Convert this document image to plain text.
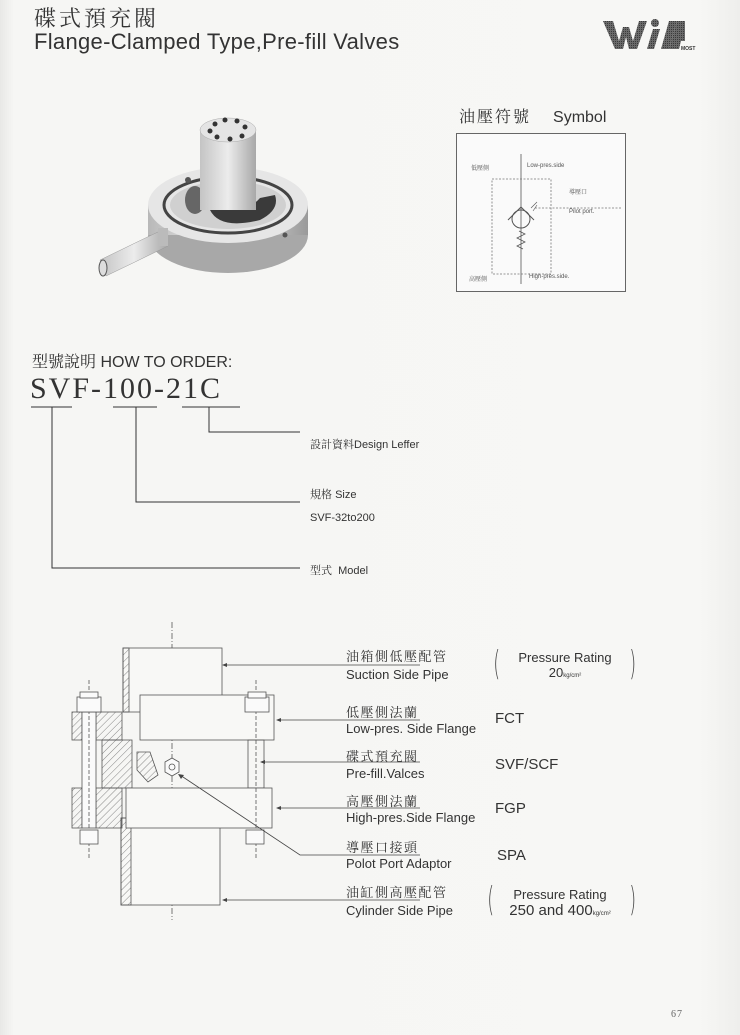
碟式預充閥
Flange-Clamped Type,Pre-fill Valves	MOST
油壓符號 Symbol
低壓側	Low-pres.side
導壓口
Pilot port.
高壓側	High-pres.side.
型號說明 HOW TO ORDER:
SVF-100-21C
設計資料Design Leffer
規格 Size
SVF-32to200
型式 Model
油箱側低壓配管
Suction Side Pipe (	Pressure Rating
20kg/cm²	)
低壓側法蘭
Low-pres. Side Flange
FCT
碟式預充閥
Pre-fill.Valces
SVF/SCF
高壓側法蘭
High-pres.Side Flange
FGP
導壓口接頭
Polot Port Adaptor	SPA
油缸側高壓配管
Cylinder Side Pipe (	Pressure Rating
250 and 400kg/cm² )
67
